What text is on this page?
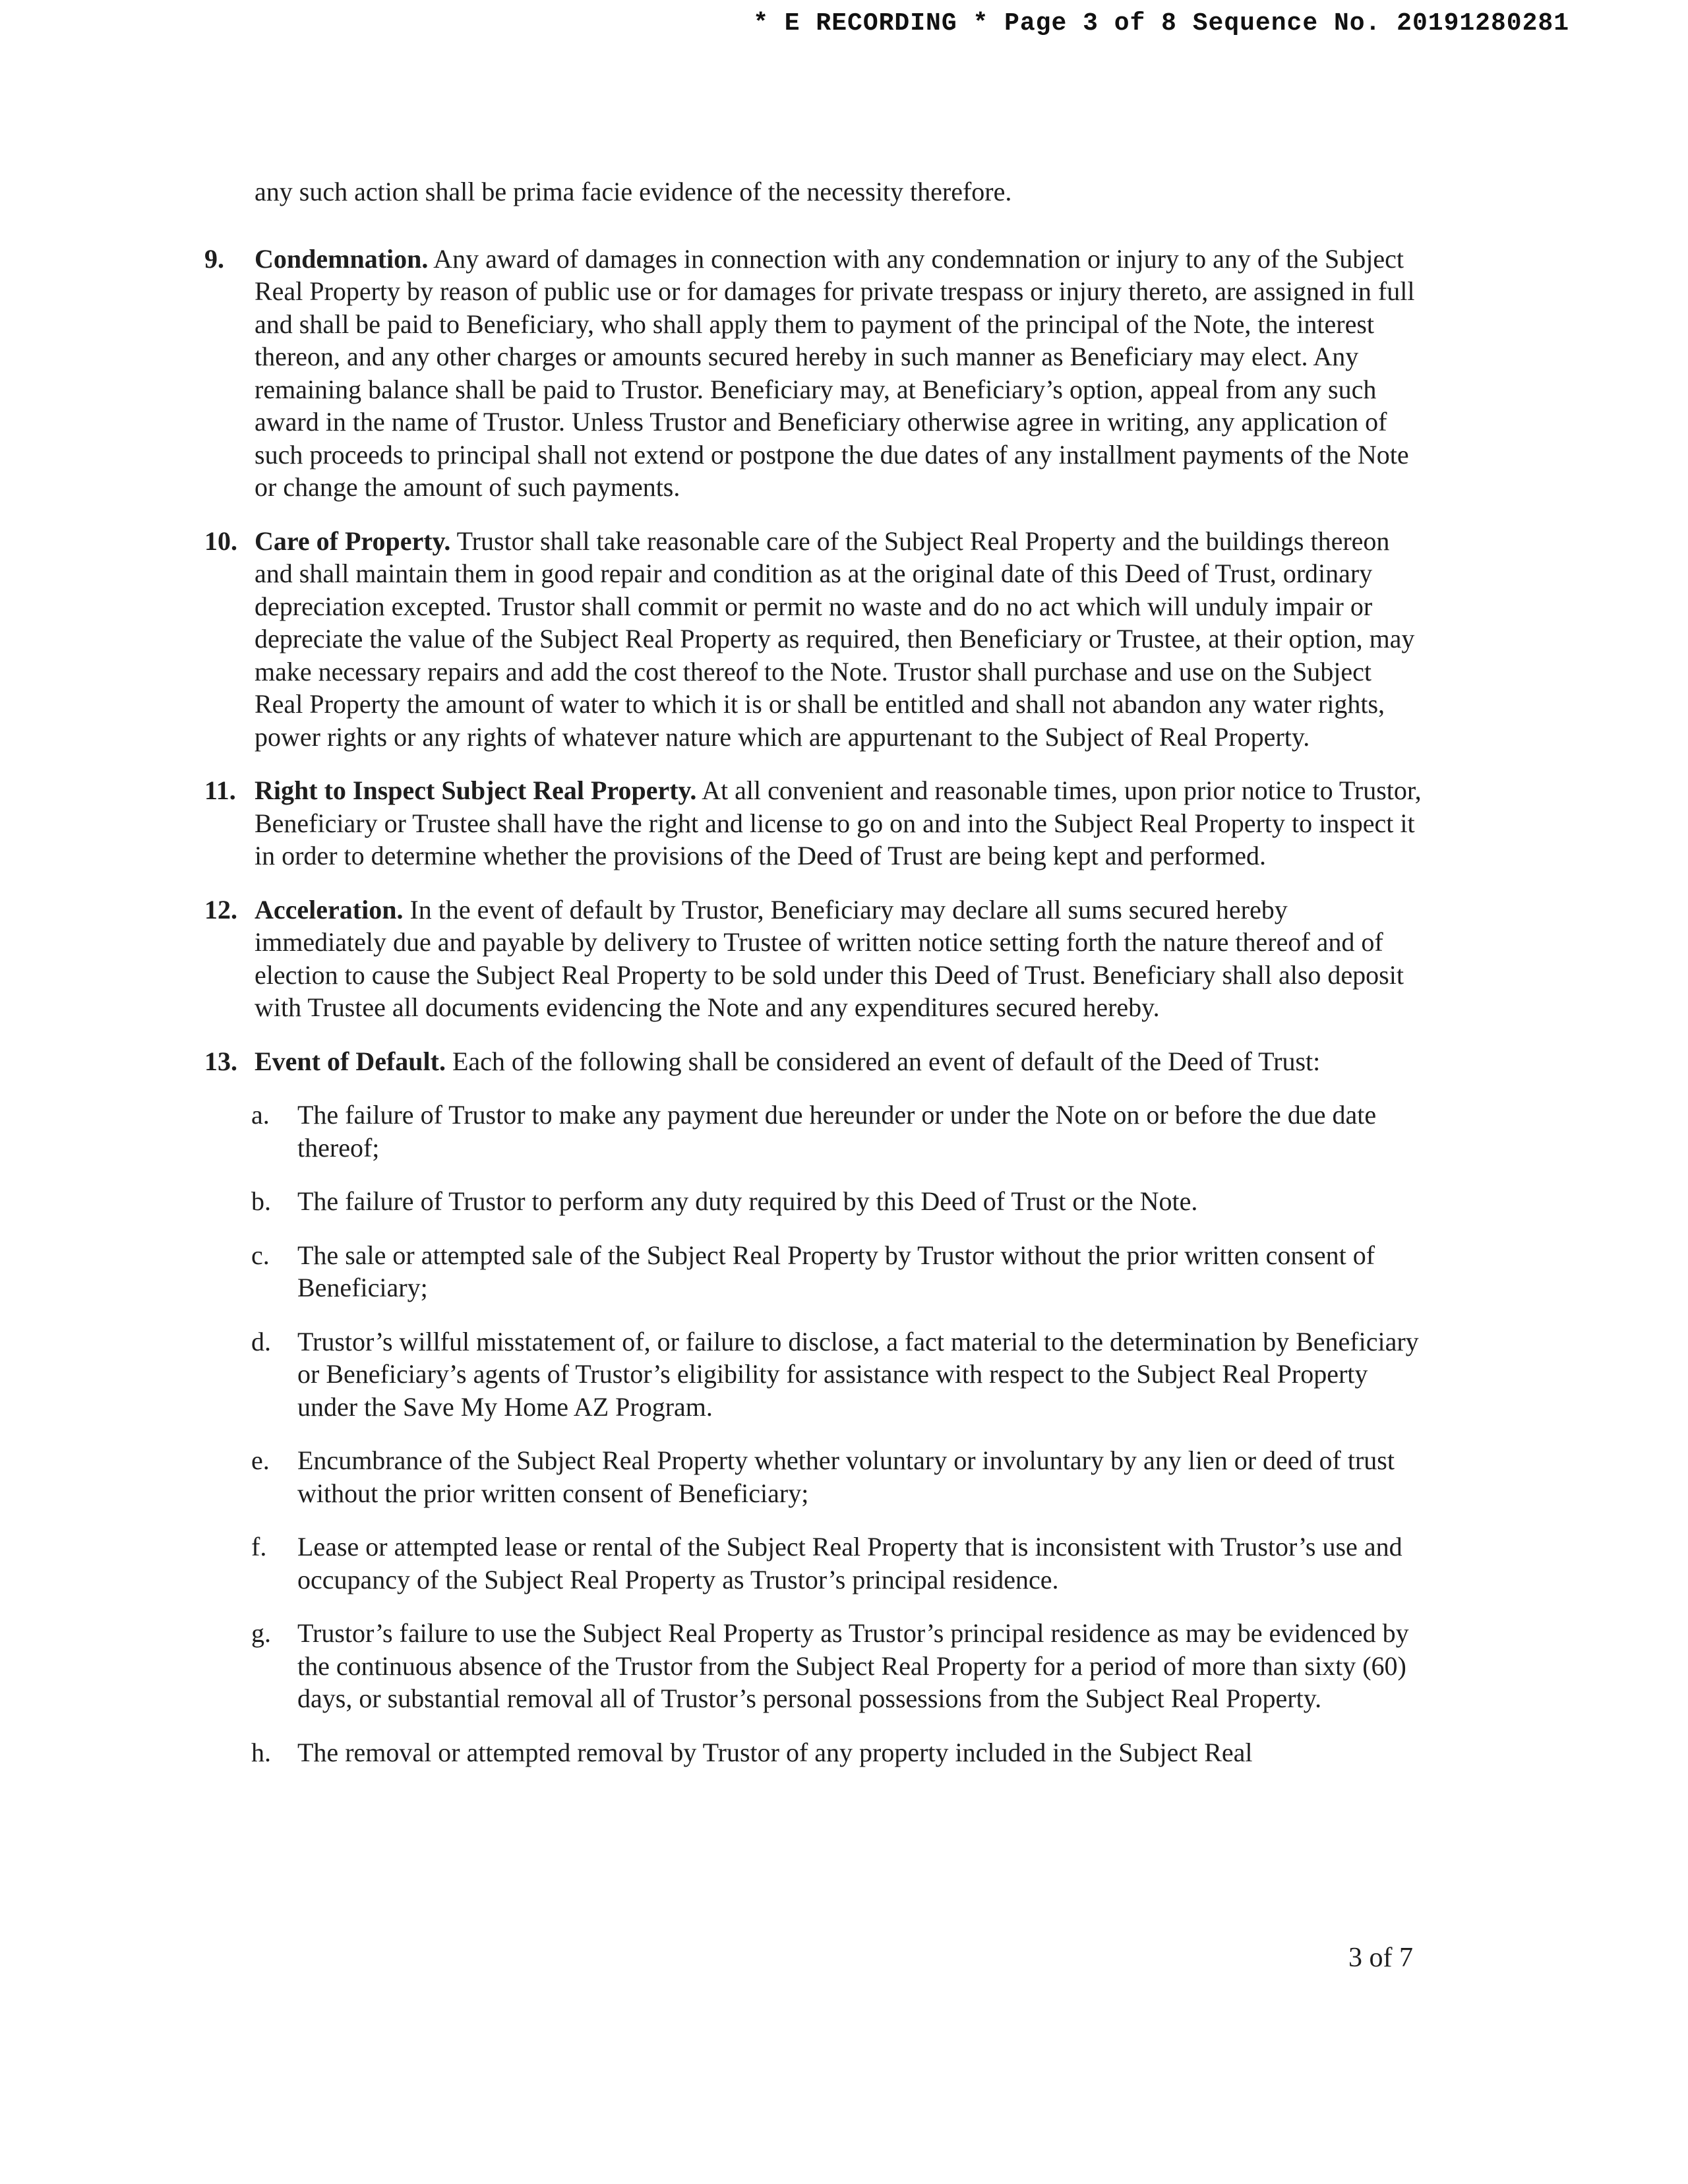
* E RECORDING * Page 3 of 8 Sequence No. 20191280281

any such action shall be prima facie evidence of the necessity therefore.

9.	Condemnation. Any award of damages in connection with any condemnation or injury to any of the Subject Real Property by reason of public use or for damages for private trespass or injury thereto, are assigned in full and shall be paid to Beneficiary, who shall apply them to payment of the principal of the Note, the interest thereon, and any other charges or amounts secured hereby in such manner as Beneficiary may elect. Any remaining balance shall be paid to Trustor. Beneficiary may, at Beneficiary’s option, appeal from any such award in the name of Trustor. Unless Trustor and Beneficiary otherwise agree in writing, any application of such proceeds to principal shall not extend or postpone the due dates of any installment payments of the Note or change the amount of such payments.
10. Care of Property. Trustor shall take reasonable care of the Subject Real Property and the buildings thereon and shall maintain them in good repair and condition as at the original date of this Deed of Trust, ordinary depreciation excepted. Trustor shall commit or permit no waste and do no act which will unduly impair or depreciate the value of the Subject Real Property as required, then Beneficiary or Trustee, at their option, may make necessary repairs and add the cost thereof to the Note. Trustor shall purchase and use on the Subject Real Property the amount of water to which it is or shall be entitled and shall not abandon any water rights, power rights or any rights of whatever nature which are appurtenant to the Subject of Real Property.
11. Right to Inspect Subject Real Property. At all convenient and reasonable times, upon prior notice to Trustor, Beneficiary or Trustee shall have the right and license to go on and into the Subject Real Property to inspect it in order to determine whether the provisions of the Deed of Trust are being kept and performed.
12. Acceleration. In the event of default by Trustor, Beneficiary may declare all sums secured hereby immediately due and payable by delivery to Trustee of written notice setting forth the nature thereof and of election to cause the Subject Real Property to be sold under this Deed of Trust. Beneficiary shall also deposit with Trustee all documents evidencing the Note and any expenditures secured hereby.
13. Event of Default. Each of the following shall be considered an event of default of the Deed of Trust:
a.	The failure of Trustor to make any payment due hereunder or under the Note on or before the due date thereof;
b.	The failure of Trustor to perform any duty required by this Deed of Trust or the Note.
c.	The sale or attempted sale of the Subject Real Property by Trustor without the prior written consent of Beneficiary;
d.	Trustor’s willful misstatement of, or failure to disclose, a fact material to the determination by Beneficiary or Beneficiary’s agents of Trustor’s eligibility for assistance with respect to the Subject Real Property under the Save My Home AZ Program.
e.	Encumbrance of the Subject Real Property whether voluntary or involuntary by any lien or deed of trust without the prior written consent of Beneficiary;
f.	Lease or attempted lease or rental of the Subject Real Property that is inconsistent with Trustor’s use and occupancy of the Subject Real Property as Trustor’s principal residence.
g.	Trustor’s failure to use the Subject Real Property as Trustor’s principal residence as may be evidenced by the continuous absence of the Trustor from the Subject Real Property for a period of more than sixty (60) days, or substantial removal all of Trustor’s personal possessions from the Subject Real Property.
h.	The removal or attempted removal by Trustor of any property included in the Subject Real
3 of 7
